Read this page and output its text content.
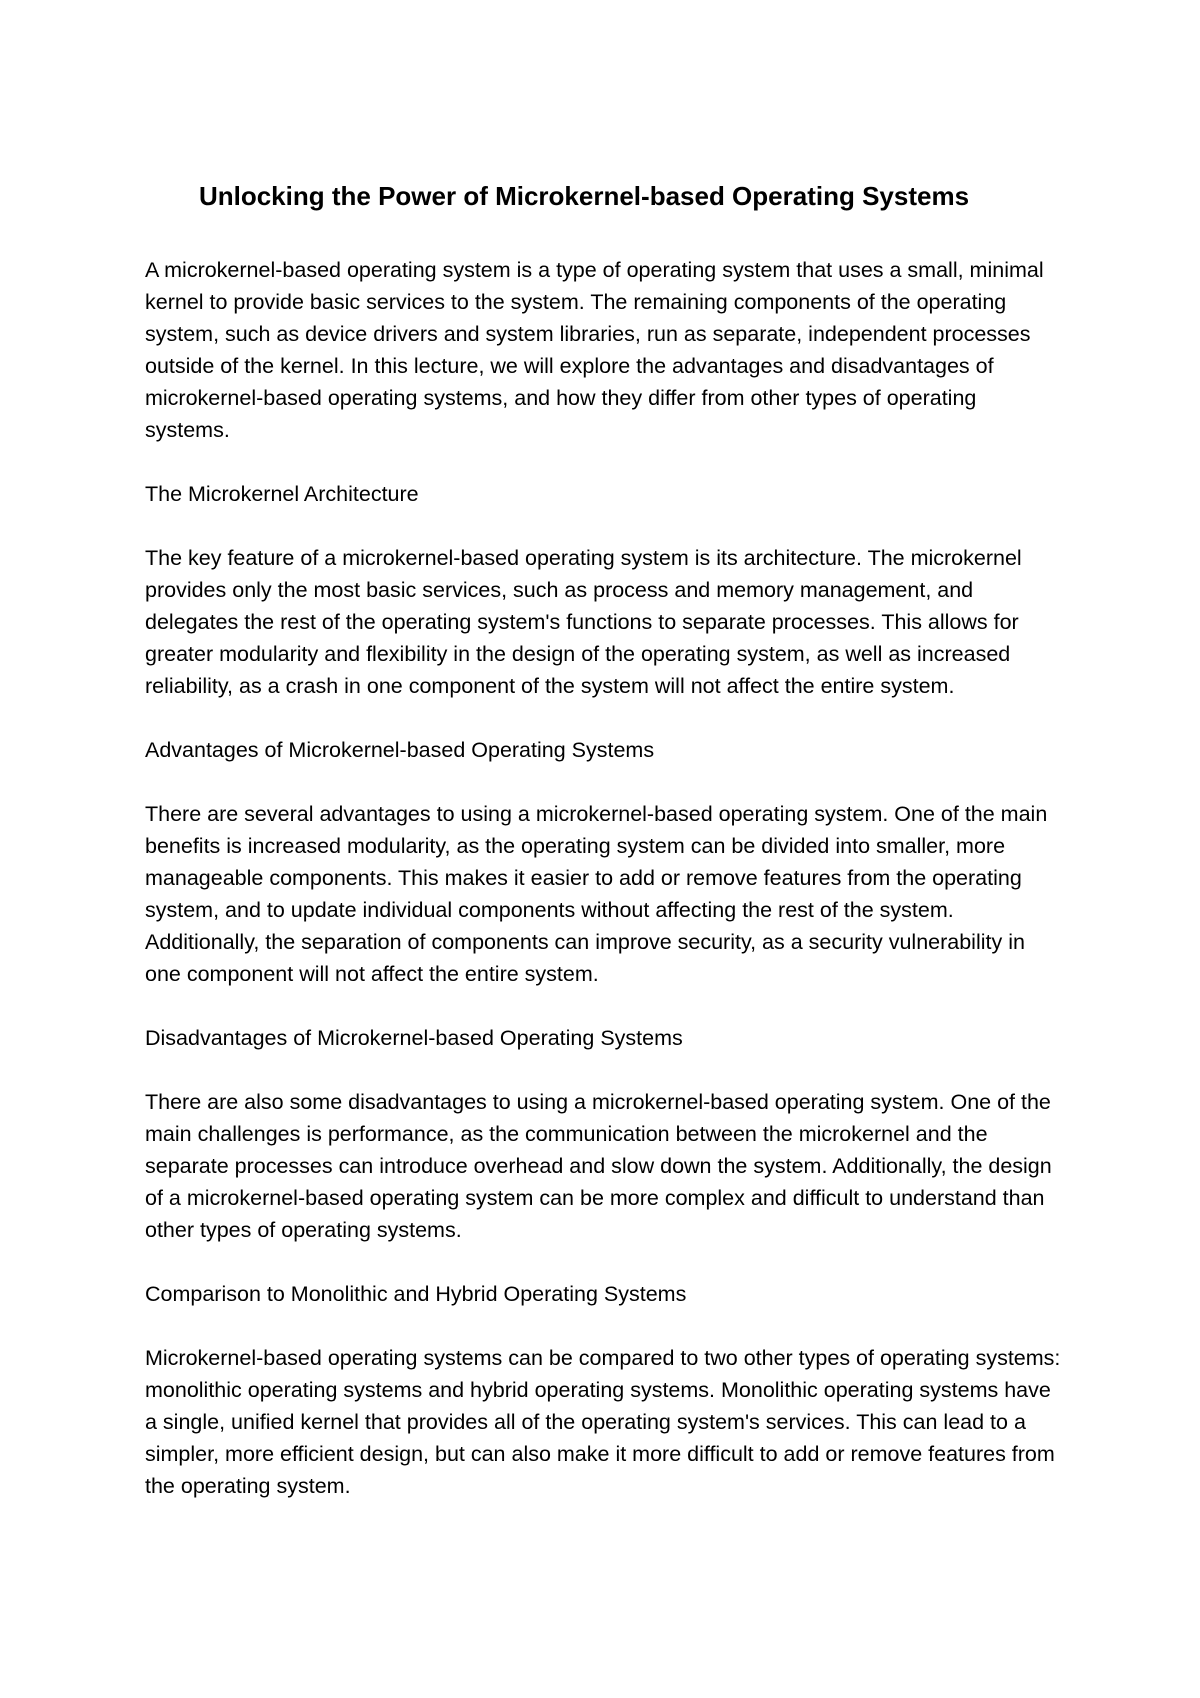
Unlocking the Power of Microkernel-based Operating Systems

A microkernel-based operating system is a type of operating system that uses a small, minimal kernel to provide basic services to the system. The remaining components of the operating system, such as device drivers and system libraries, run as separate, independent processes outside of the kernel. In this lecture, we will explore the advantages and disadvantages of microkernel-based operating systems, and how they differ from other types of operating systems.

The Microkernel Architecture

The key feature of a microkernel-based operating system is its architecture. The microkernel provides only the most basic services, such as process and memory management, and delegates the rest of the operating system's functions to separate processes. This allows for greater modularity and flexibility in the design of the operating system, as well as increased reliability, as a crash in one component of the system will not affect the entire system.

Advantages of Microkernel-based Operating Systems

There are several advantages to using a microkernel-based operating system. One of the main benefits is increased modularity, as the operating system can be divided into smaller, more manageable components. This makes it easier to add or remove features from the operating system, and to update individual components without affecting the rest of the system. Additionally, the separation of components can improve security, as a security vulnerability in one component will not affect the entire system.

Disadvantages of Microkernel-based Operating Systems

There are also some disadvantages to using a microkernel-based operating system. One of the main challenges is performance, as the communication between the microkernel and the separate processes can introduce overhead and slow down the system. Additionally, the design of a microkernel-based operating system can be more complex and difficult to understand than other types of operating systems.

Comparison to Monolithic and Hybrid Operating Systems

Microkernel-based operating systems can be compared to two other types of operating systems: monolithic operating systems and hybrid operating systems. Monolithic operating systems have a single, unified kernel that provides all of the operating system's services. This can lead to a simpler, more efficient design, but can also make it more difficult to add or remove features from the operating system.
